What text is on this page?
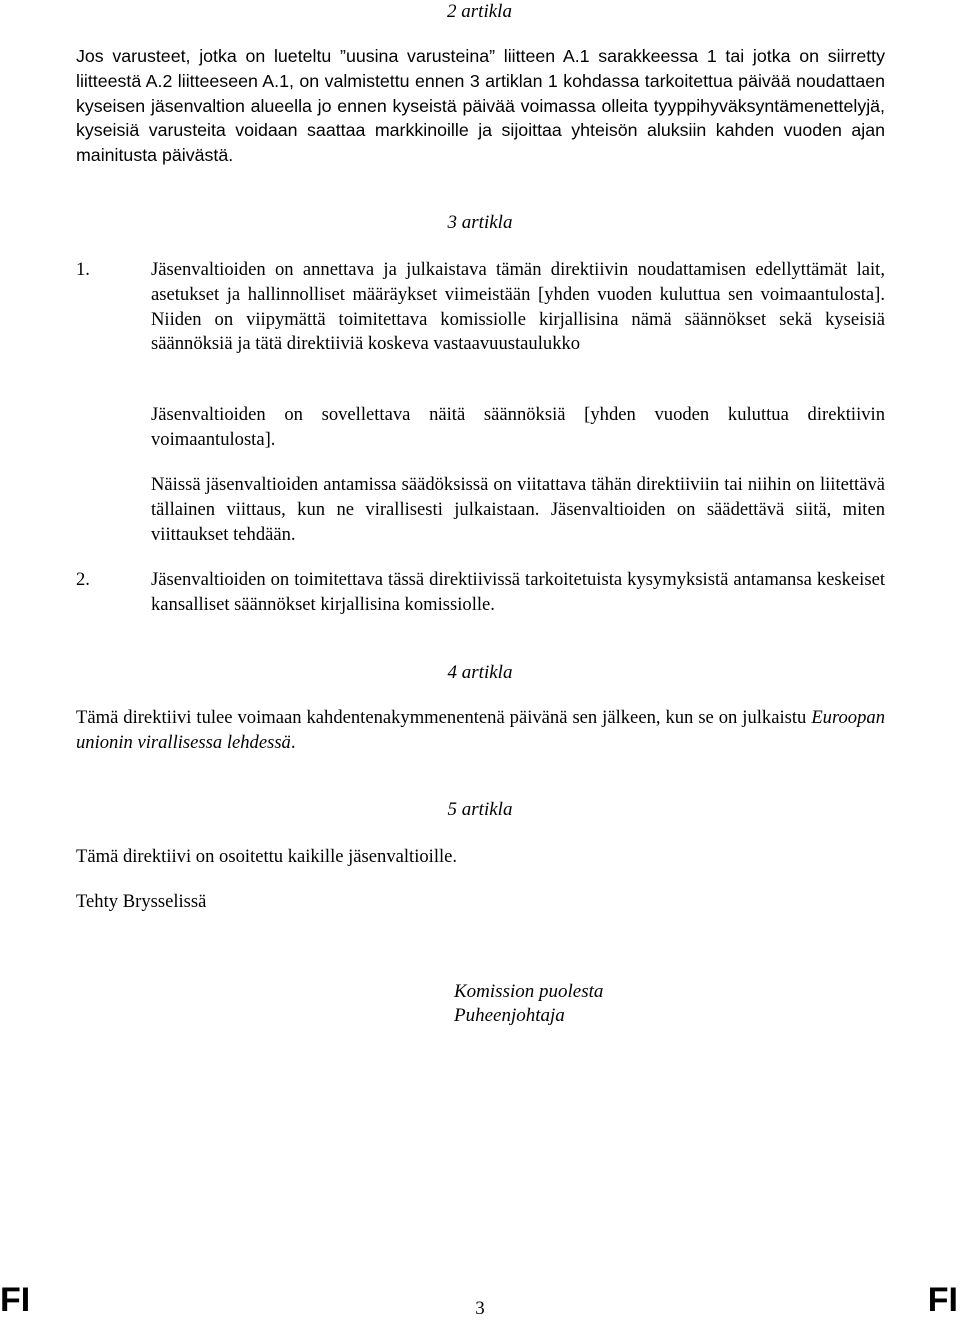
2 artikla

Jos varusteet, jotka on lueteltu ”uusina varusteina” liitteen A.1 sarakkeessa 1 tai jotka on siirretty liitteestä A.2 liitteeseen A.1, on valmistettu ennen 3 artiklan 1 kohdassa tarkoitettua päivää noudattaen kyseisen jäsenvaltion alueella jo ennen kyseistä päivää voimassa olleita tyyppihyväksyntämenettelyjä, kyseisiä varusteita voidaan saattaa markkinoille ja sijoittaa yhteisön aluksiin kahden vuoden ajan mainitusta päivästä.

3 artikla
1.	Jäsenvaltioiden on annettava ja julkaistava tämän direktiivin noudattamisen edellyttämät lait, asetukset ja hallinnolliset määräykset viimeistään [yhden vuoden kuluttua sen voimaantulosta]. Niiden on viipymättä toimitettava komissiolle kirjallisina nämä säännökset sekä kyseisiä säännöksiä ja tätä direktiiviä koskeva vastaavuustaulukko

Jäsenvaltioiden on sovellettava näitä säännöksiä [yhden vuoden kuluttua direktiivin voimaantulosta].

Näissä jäsenvaltioiden antamissa säädöksissä on viitattava tähän direktiiviin tai niihin on liitettävä tällainen viittaus, kun ne virallisesti julkaistaan. Jäsenvaltioiden on säädettävä siitä, miten viittaukset tehdään.

2.	Jäsenvaltioiden on toimitettava tässä direktiivissä tarkoitetuista kysymyksistä antamansa keskeiset kansalliset säännökset kirjallisina komissiolle.

4 artikla

Tämä direktiivi tulee voimaan kahdentenakymmenentenä päivänä sen jälkeen, kun se on julkaistu Euroopan unionin virallisessa lehdessä.

5 artikla

Tämä direktiivi on osoitettu kaikille jäsenvaltioille.

Tehty Brysselissä

Komission puolesta
Puheenjohtaja
FI	3	FI
